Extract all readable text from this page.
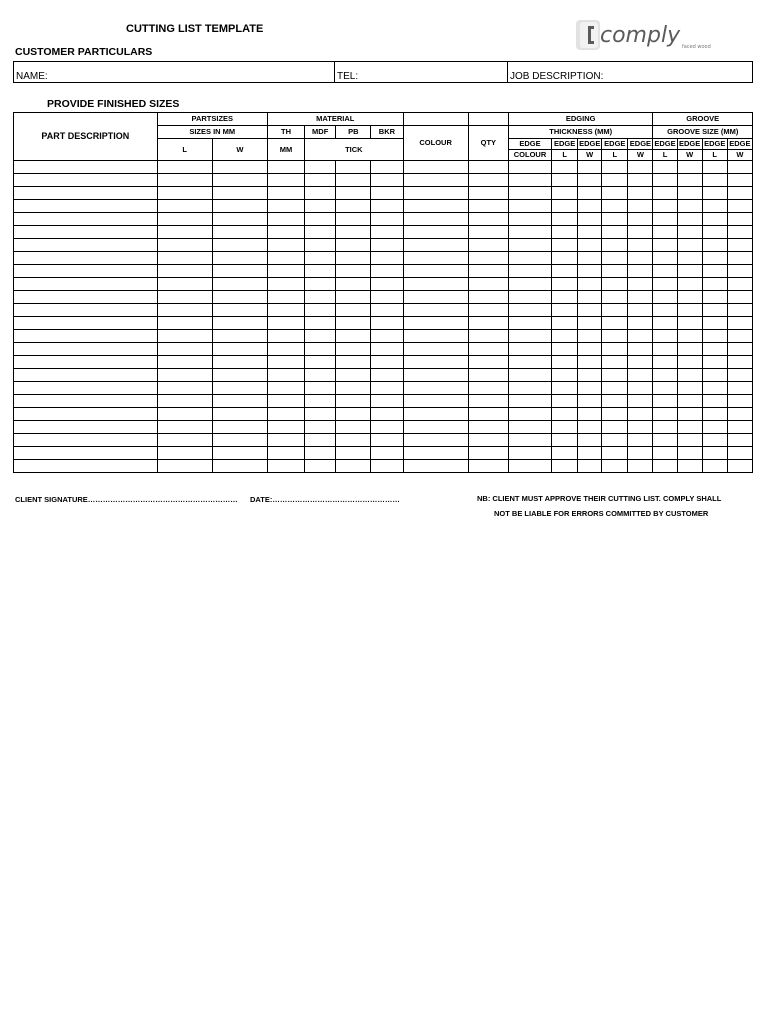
CUTTING LIST TEMPLATE
CUSTOMER PARTICULARS
comply faced wood
NAME:	TEL:	JOB DESCRIPTION:
PROVIDE FINISHED SIZES
PART DESCRIPTION	PARTSIZES		MATERIAL						EDGING					GROOVE			
	SIZES IN MM		TH	MDF	PB	BKR	COLOUR	QTY	THICKNESS (MM)					GROOVE SIZE (MM)			
	L	W	MM	TICK					EDGE	EDGE	EDGE	EDGE	EDGE	EDGE	EDGE	EDGE	EDGE
									COLOUR	L	W	L	W	L	W	L	W

CLIENT SIGNATURE…………………………………………………… DATE:……………………………………………	NB: CLIENT MUST APPROVE THEIR CUTTING LIST. COMPLY SHALL
NOT BE LIABLE FOR ERRORS COMMITTED BY CUSTOMER
